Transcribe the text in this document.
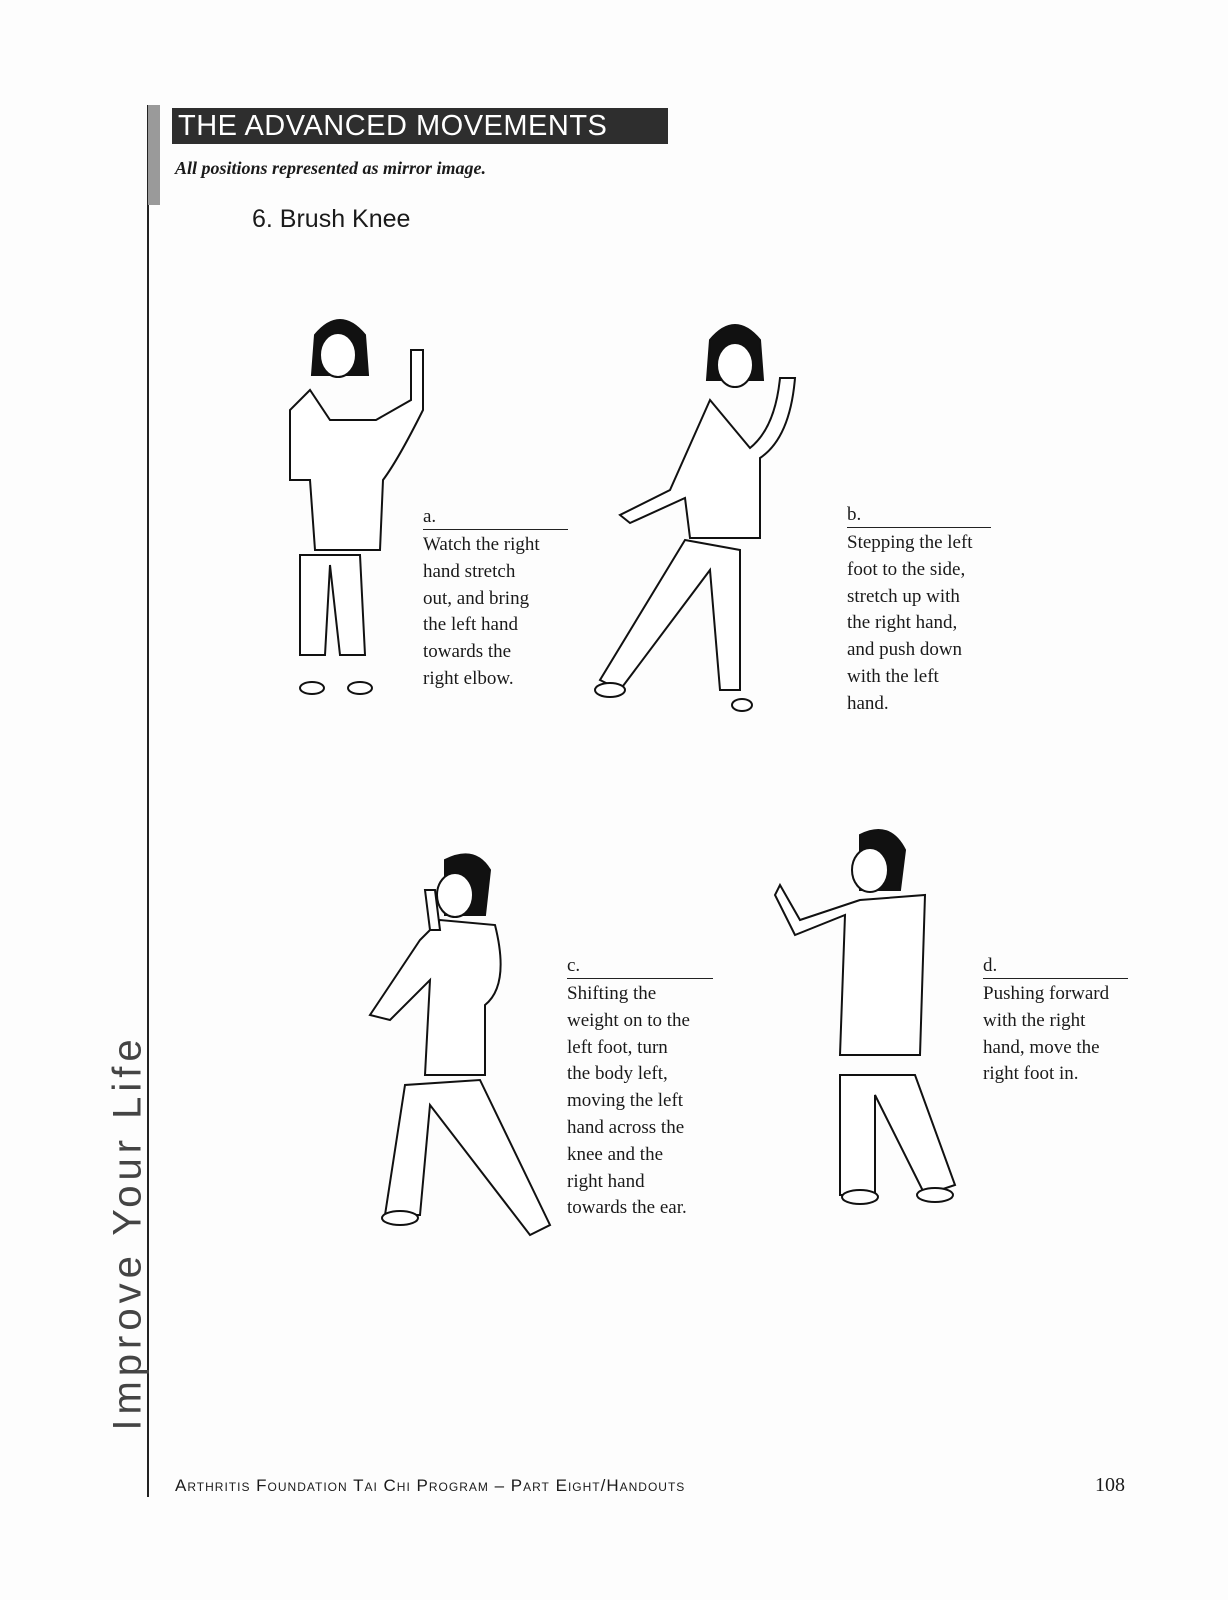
THE ADVANCED MOVEMENTS
All positions represented as mirror image.
6. Brush Knee
a.
Watch the right
hand stretch
out, and bring
the left hand
towards the
right elbow.
b.
Stepping the left
foot to the side,
stretch up with
the right hand,
and push down
with the left
hand.
c.
Shifting the
weight on to the
left foot, turn
the body left,
moving the left
hand across the
knee and the
right hand
towards the ear.
d.
Pushing forward
with the right
hand, move the
right foot in.
Improve Your Life
Arthritis Foundation Tai Chi Program – Part Eight/Handouts	108
